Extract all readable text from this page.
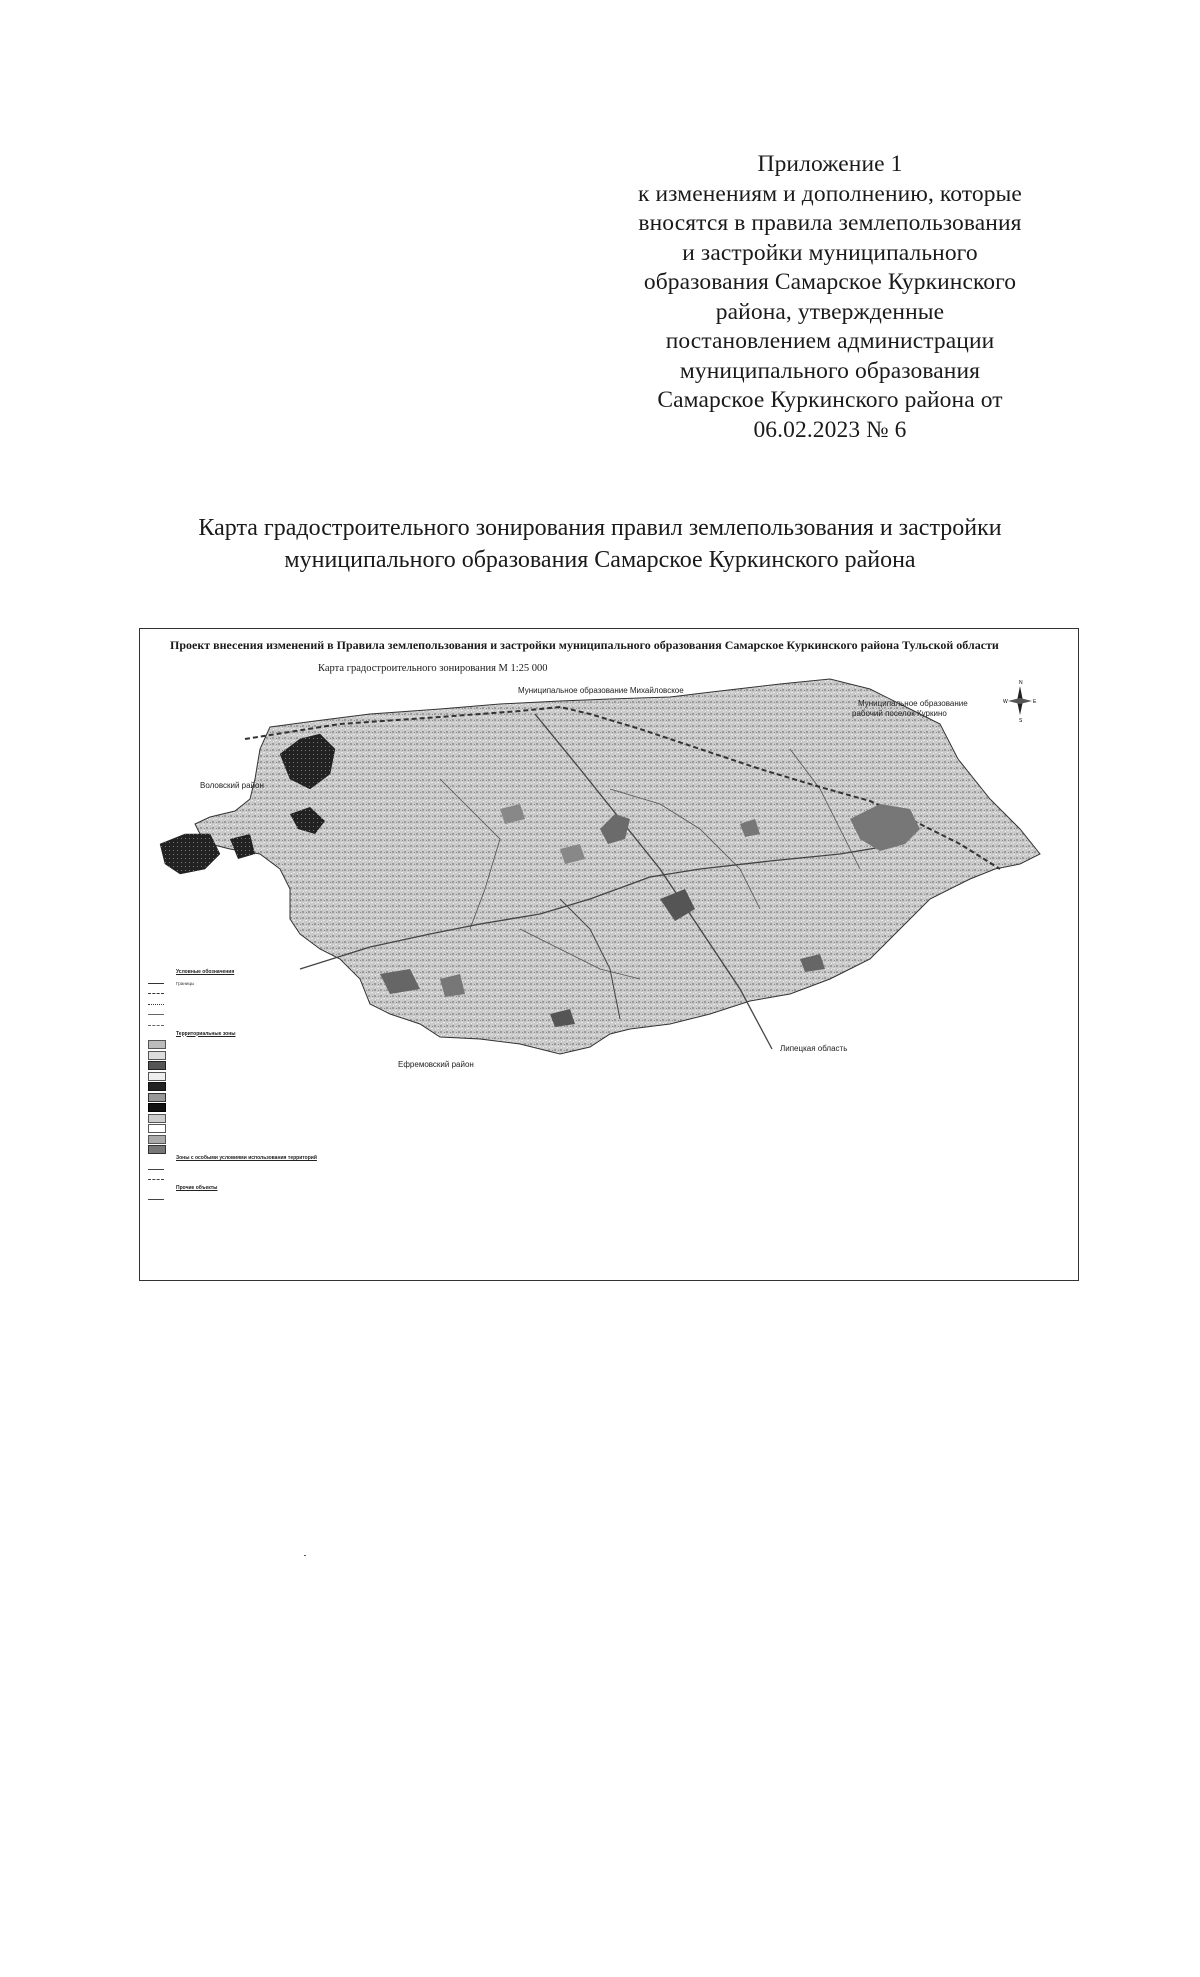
Приложение 1
к изменениям и дополнению, которые
вносятся в правила землепользования
и застройки муниципального
образования Самарское Куркинского
района, утвержденные
постановлением администрации
муниципального образования
Самарское Куркинского района от
06.02.2023 № 6
Карта градостроительного зонирования правил землепользования и застройки
муниципального образования Самарское Куркинского района
Проект внесения изменений в Правила землепользования и застройки муниципального образования Самарское Куркинского района Тульской области
Карта градостроительного зонирования М 1:25 000
Муниципальное образование Михайловское
Муниципальное образование
рабочий поселок Куркино
Воловский район
Ефремовский район
Липецкая область
N
S
W	E
Условные обозначения
Границы
Территориальные зоны
Зоны с особыми условиями использования территорий
Прочие объекты
